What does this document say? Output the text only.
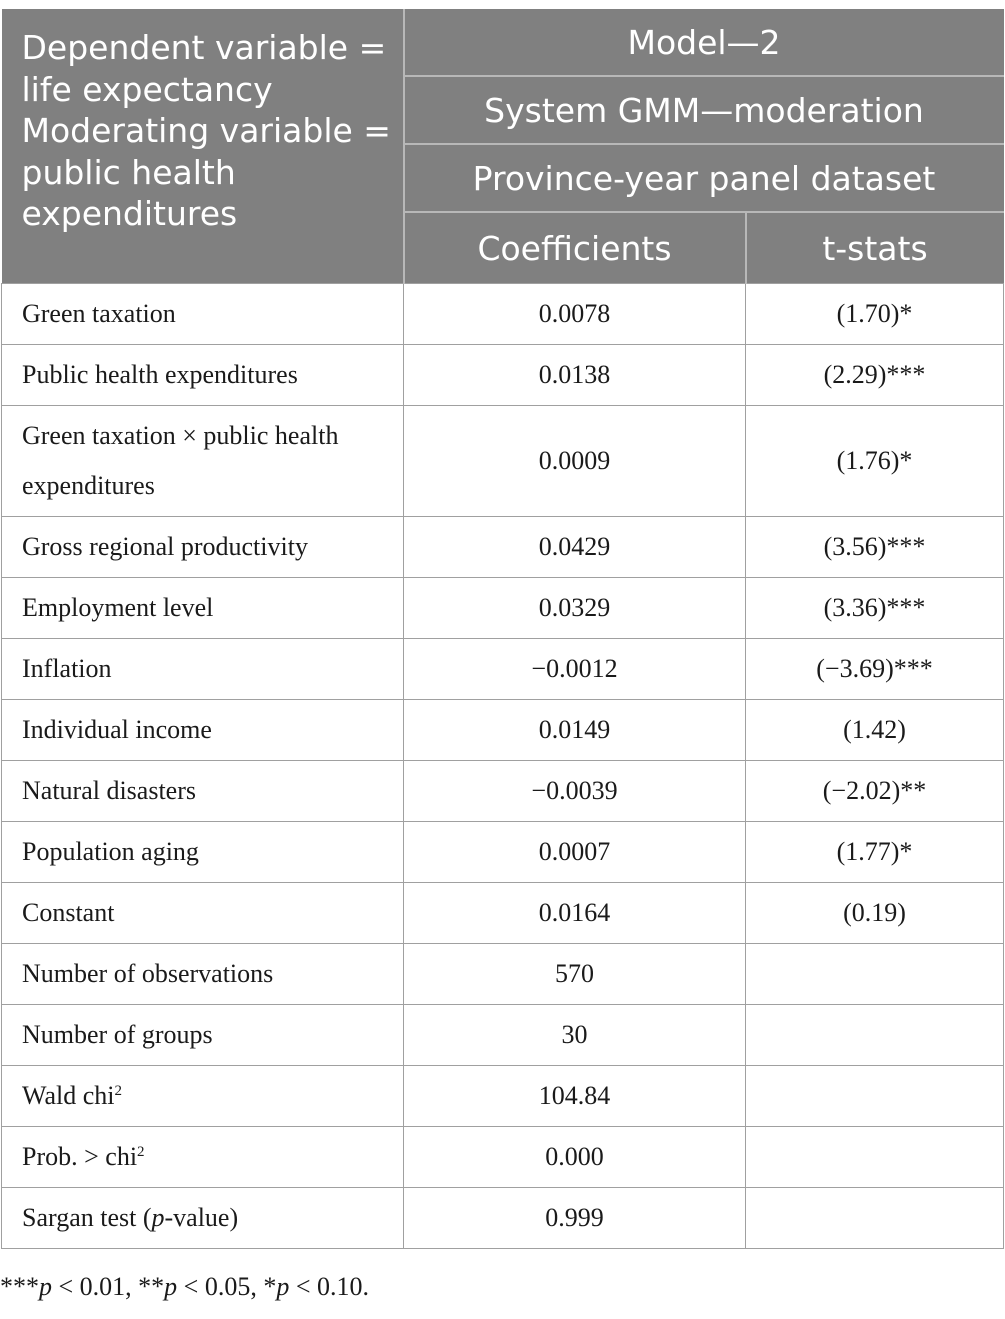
Dependent variable = life expectancy
Moderating variable = public health expenditures	Model—2	
	System GMM—moderation	
	Province-year panel dataset	
	Coefficients	t-stats
Green taxation	0.0078	(1.70)*
Public health expenditures	0.0138	(2.29)***
Green taxation × public health expenditures	0.0009	(1.76)*
Gross regional productivity	0.0429	(3.56)***
Employment level	0.0329	(3.36)***
Inflation	−0.0012	(−3.69)***
Individual income	0.0149	(1.42)
Natural disasters	−0.0039	(−2.02)**
Population aging	0.0007	(1.77)*
Constant	0.0164	(0.19)
Number of observations	570	
Number of groups	30	
Wald chi$^2$	104.84	
Prob. > chi$^2$	0.000	
Sargan test (p-value)	0.999	
***p < 0.01, **p < 0.05, *p < 0.10.
